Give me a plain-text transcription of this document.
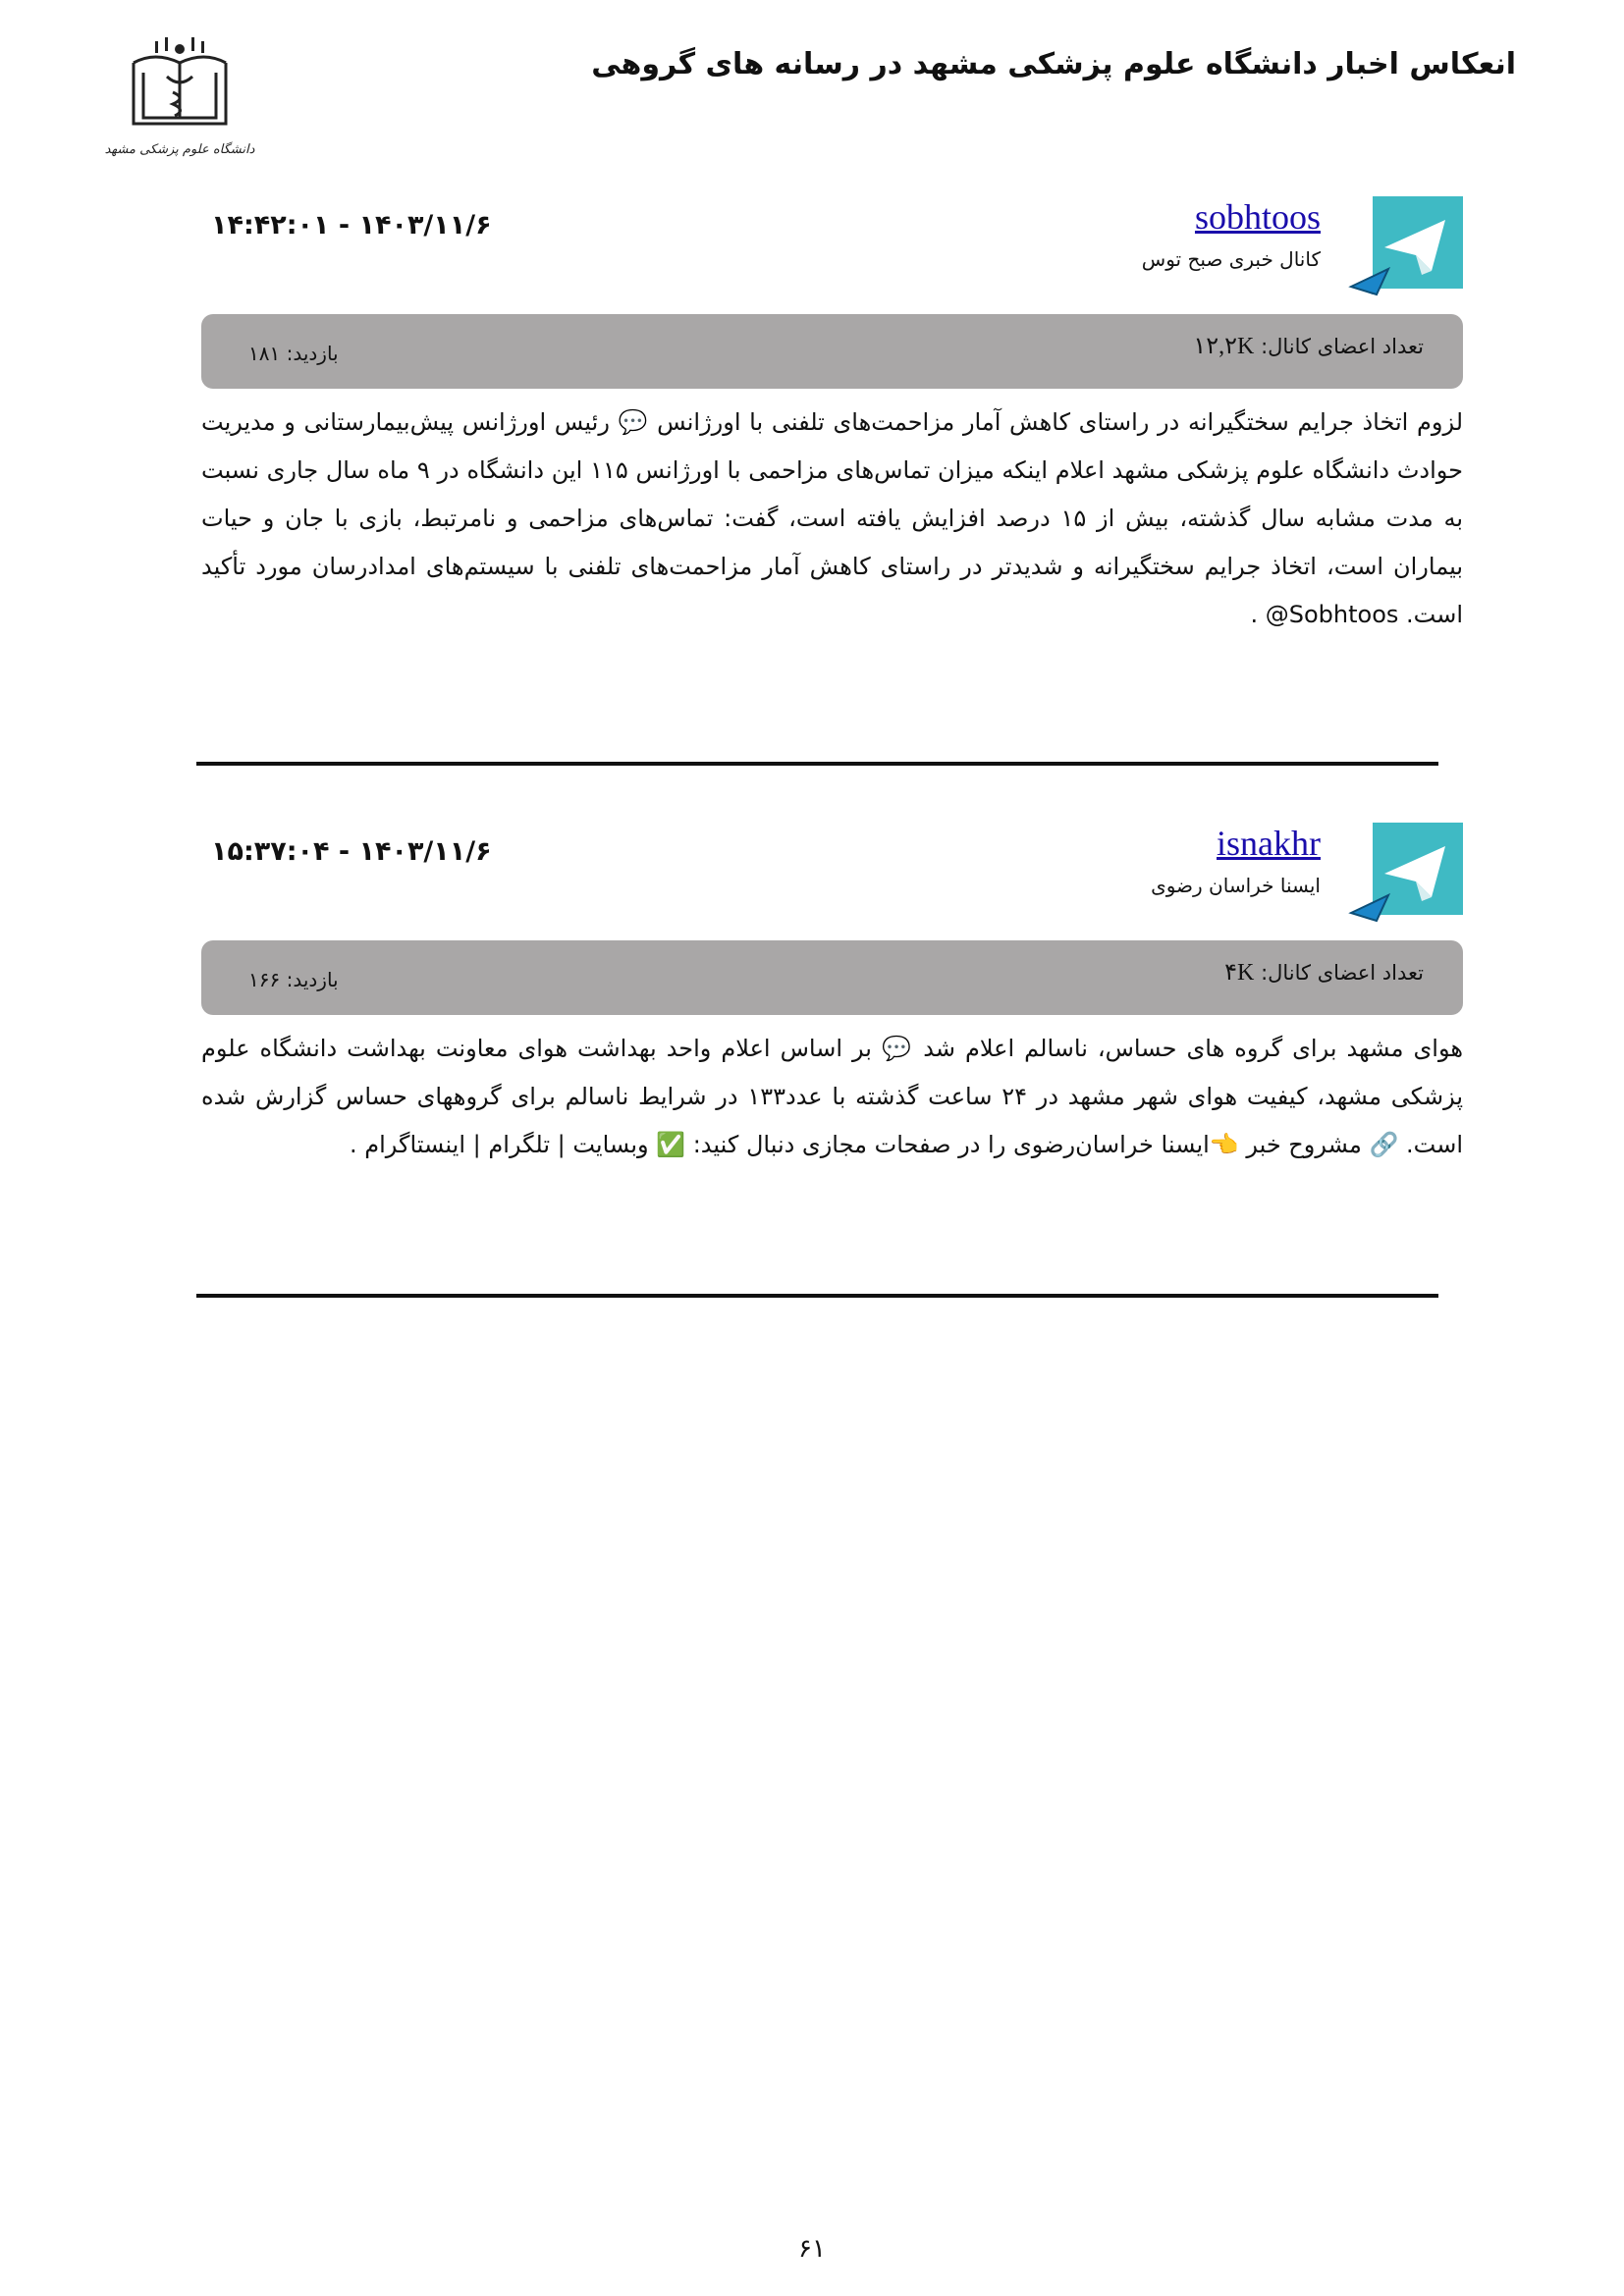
انعکاس اخبار دانشگاه علوم پزشکی مشهد در رسانه های گروهی
دانشگاه علوم پزشکی مشهد
sobhtoos
کانال خبری صبح توس
۱۴۰۳/۱۱/۶ - ۱۴:۴۲:۰۱
تعداد اعضای کانال: ۱۲,۲K
بازدید: ۱۸۱
لزوم اتخاذ جرایم سختگیرانه در راستای کاهش آمار مزاحمت‌های تلفنی با اورژانس 💬 رئیس اورژانس پیش‌بیمارستانی و مدیریت حوادث دانشگاه علوم پزشکی مشهد اعلام اینکه میزان تماس‌های مزاحمی با اورژانس ۱۱۵ این دانشگاه در ۹ ماه سال جاری نسبت به مدت مشابه سال گذشته، بیش از ۱۵ درصد افزایش یافته است، گفت: تماس‌های مزاحمی و نامرتبط، بازی با جان و حیات بیماران است، اتخاذ جرایم سختگیرانه و شدیدتر در راستای کاهش آمار مزاحمت‌های تلفنی با سیستم‌های امدادرسان مورد تأکید است. ‎Sobhtoos@ .
isnakhr
ایسنا خراسان رضوی
۱۴۰۳/۱۱/۶ - ۱۵:۳۷:۰۴
تعداد اعضای کانال: ۴K
بازدید: ۱۶۶
هوای مشهد برای گروه های حساس، ناسالم اعلام شد 💬 بر اساس اعلام واحد بهداشت هوای معاونت بهداشت دانشگاه علوم پزشکی مشهد، کیفیت هوای شهر مشهد در ۲۴ ساعت گذشته با عدد۱۳۳ در شرایط ناسالم برای گروههای حساس گزارش شده است. 🔗 مشروح خبر 👈ایسنا خراسان‌رضوی را در صفحات مجازی دنبال کنید: ✅ وبسایت | تلگرام | اینستاگرام .
۶۱
